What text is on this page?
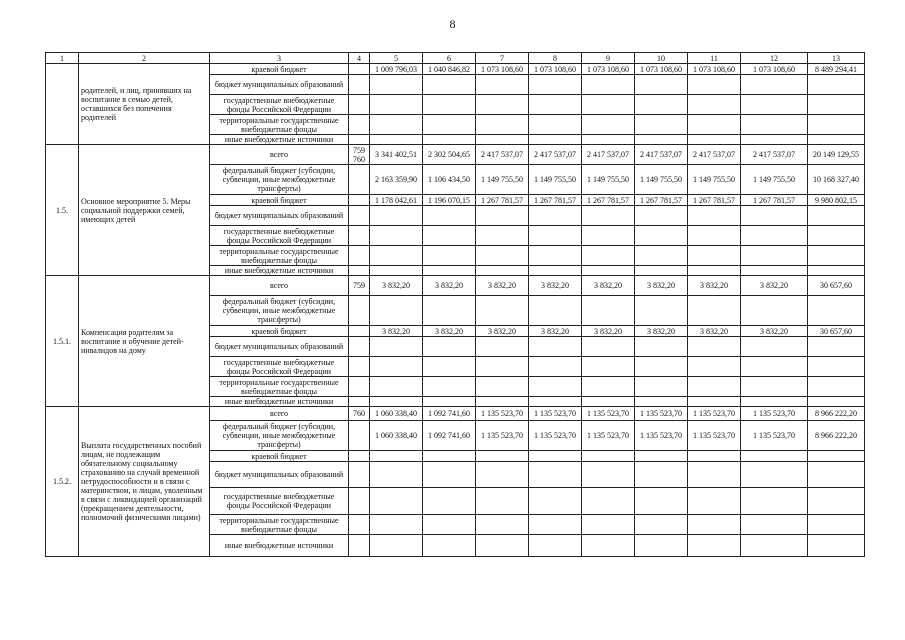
8
1	2	3	4	5	6	7	8	9	10	11	12	13
	родителей, и лиц, принявших на воспитание в семью детей, оставшихся без попечения родителей	краевой бюджет		1 009 796,03	1 040 846,82	1 073 108,60	1 073 108,60	1 073 108,60	1 073 108,60	1 073 108,60	1 073 108,60	8 489 294,41
		бюджет муниципальных образований										
		государственные внебюджетные фонды Российской Федерации										
		территориальные государственные внебюджетные фонды										
		иные внебюджетные источники										
1.5.	Основное мероприятие 5. Меры социальной поддержки семей, имеющих детей	всего	759 760	3 341 402,51	2 302 504,65	2 417 537,07	2 417 537,07	2 417 537,07	2 417 537,07	2 417 537,07	2 417 537,07	20 149 129,55
		федеральный бюджет (субсидии, субвенции, иные межбюджетные трансферты)		2 163 359,90	1 106 434,50	1 149 755,50	1 149 755,50	1 149 755,50	1 149 755,50	1 149 755,50	1 149 755,50	10 168 327,40
		краевой бюджет		1 178 042,61	1 196 070,15	1 267 781,57	1 267 781,57	1 267 781,57	1 267 781,57	1 267 781,57	1 267 781,57	9 980 802,15
		бюджет муниципальных образований										
		государственные внебюджетные фонды Российской Федерации										
		территориальные государственные внебюджетные фонды										
		иные внебюджетные источники										
1.5.1.	Компенсация родителям за воспитание и обучение детей-инвалидов на дому	всего	759	3 832,20	3 832,20	3 832,20	3 832,20	3 832,20	3 832,20	3 832,20	3 832,20	30 657,60
		федеральный бюджет (субсидии, субвенции, иные межбюджетные трансферты)										
		краевой бюджет		3 832,20	3 832,20	3 832,20	3 832,20	3 832,20	3 832,20	3 832,20	3 832,20	30 657,60
		бюджет муниципальных образований										
		государственные внебюджетные фонды Российской Федерации										
		территориальные государственные внебюджетные фонды										
		иные внебюджетные источники										
1.5.2.	Выплата государственных пособий лицам, не подлежащим обязательному социальному страхованию на случай временной нетрудоспособности и в связи с материнством, и лицам, уволенным в связи с ликвидацией организаций (прекращением деятельности, полномочий физическими лицами)	всего	760	1 060 338,40	1 092 741,60	1 135 523,70	1 135 523,70	1 135 523,70	1 135 523,70	1 135 523,70	1 135 523,70	8 966 222,20
		федеральный бюджет (субсидии, субвенции, иные межбюджетные трансферты)		1 060 338,40	1 092 741,60	1 135 523,70	1 135 523,70	1 135 523,70	1 135 523,70	1 135 523,70	1 135 523,70	8 966 222,20
		краевой бюджет										
		бюджет муниципальных образований										
		государственные внебюджетные фонды Российской Федерации										
		территориальные государственные внебюджетные фонды										
		иные внебюджетные источники										
